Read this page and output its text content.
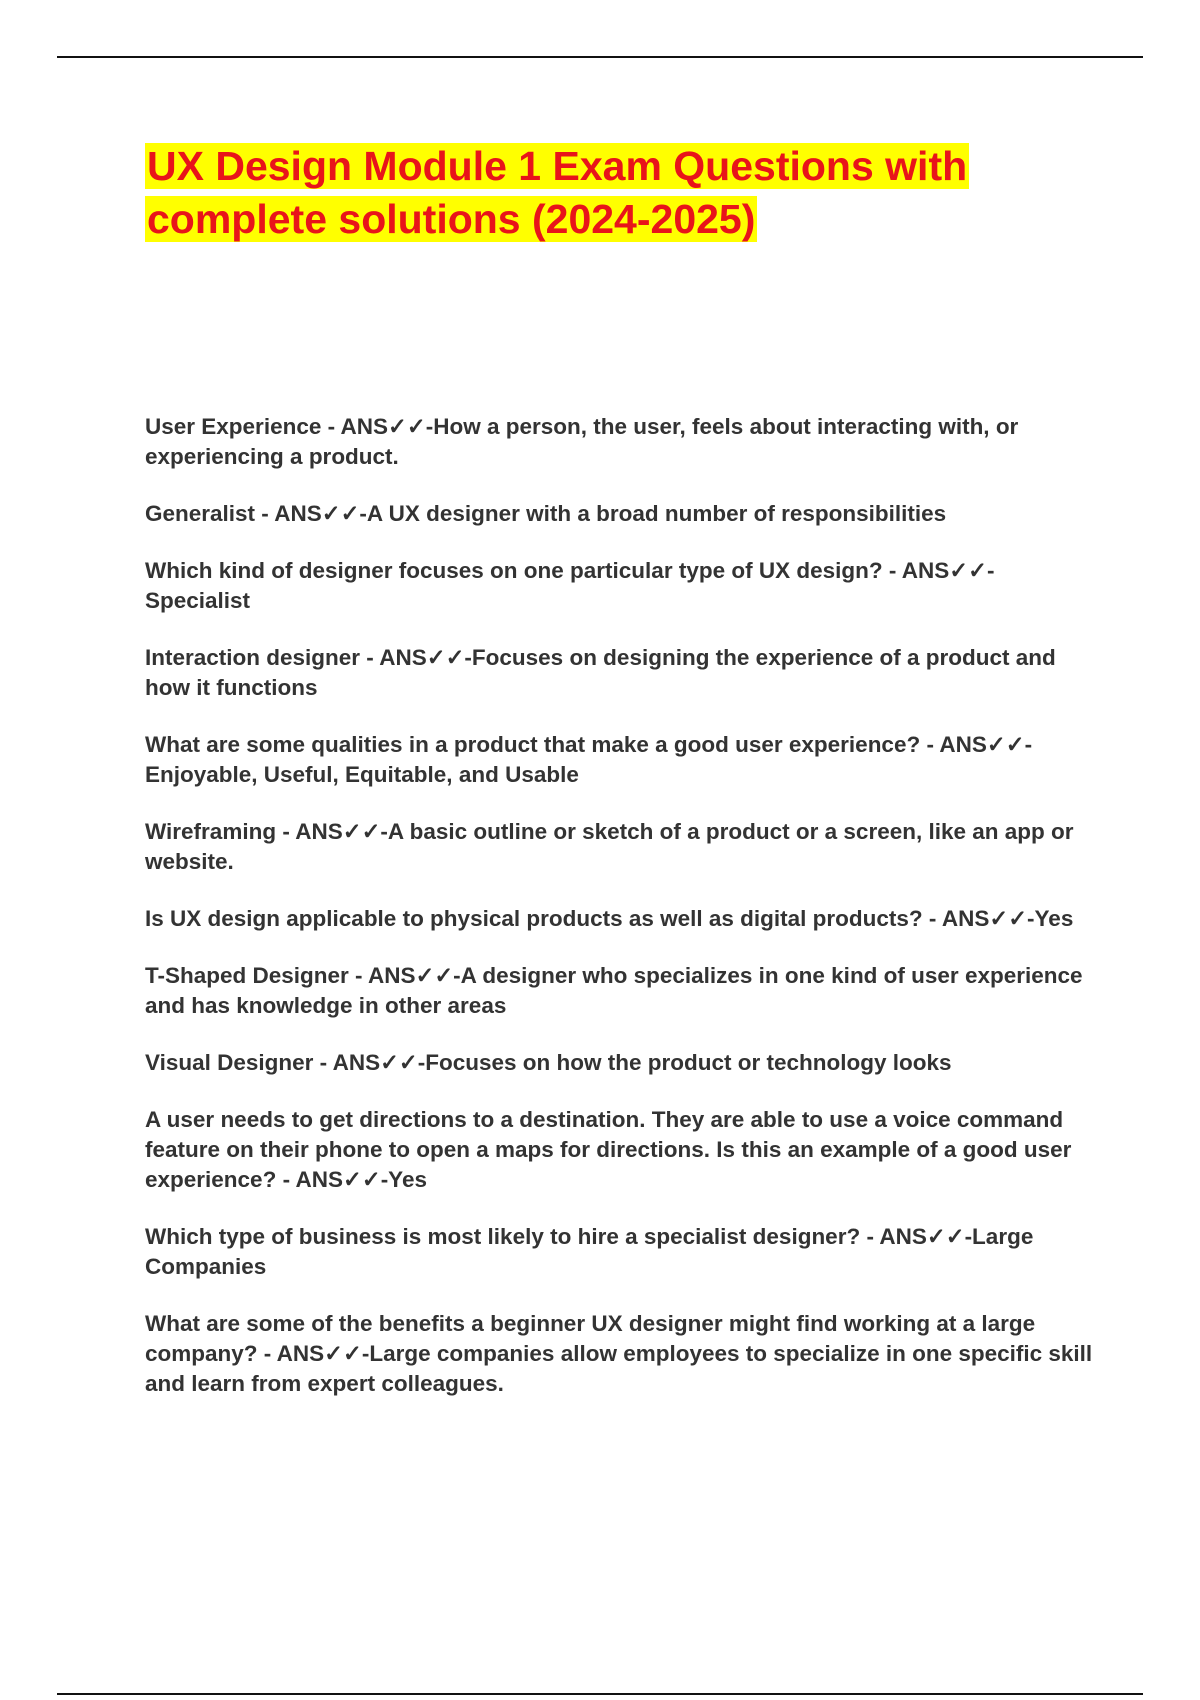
UX Design Module 1 Exam Questions with complete solutions (2024-2025)
User Experience - ANS✓✓-How a person, the user, feels about interacting with, or experiencing a product.
Generalist - ANS✓✓-A UX designer with a broad number of responsibilities
Which kind of designer focuses on one particular type of UX design? - ANS✓✓-Specialist
Interaction designer - ANS✓✓-Focuses on designing the experience of a product and how it functions
What are some qualities in a product that make a good user experience? - ANS✓✓-Enjoyable, Useful, Equitable, and Usable
Wireframing - ANS✓✓-A basic outline or sketch of a product or a screen, like an app or website.
Is UX design applicable to physical products as well as digital products? - ANS✓✓-Yes
T-Shaped Designer - ANS✓✓-A designer who specializes in one kind of user experience and has knowledge in other areas
Visual Designer - ANS✓✓-Focuses on how the product or technology looks
A user needs to get directions to a destination. They are able to use a voice command feature on their phone to open a maps for directions. Is this an example of a good user experience? - ANS✓✓-Yes
Which type of business is most likely to hire a specialist designer? - ANS✓✓-Large Companies
What are some of the benefits a beginner UX designer might find working at a large company? - ANS✓✓-Large companies allow employees to specialize in one specific skill and learn from expert colleagues.
